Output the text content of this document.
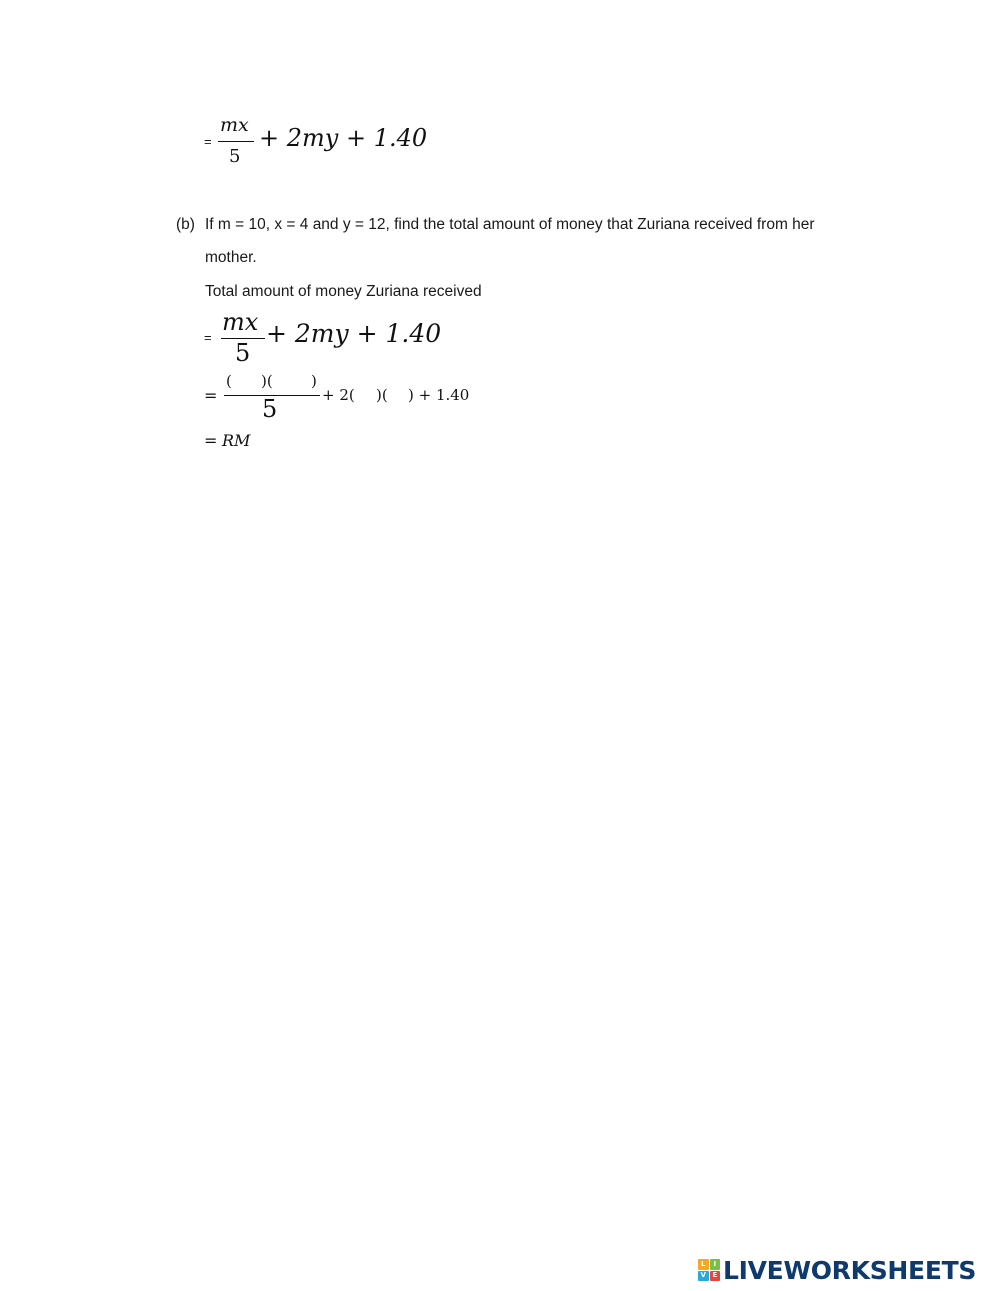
=
mx
5
+ 2my + 1.40
(b) If m = 10, x = 4 and y = 12, find the total amount of money that Zuriana received from her
mother.
Total amount of money Zuriana received
=
mx
5
+ 2my + 1.40
=
( )(	)
5	+ 2( )( ) + 1.40
= RM
L	I
V E LIVEWORKSHEETS
